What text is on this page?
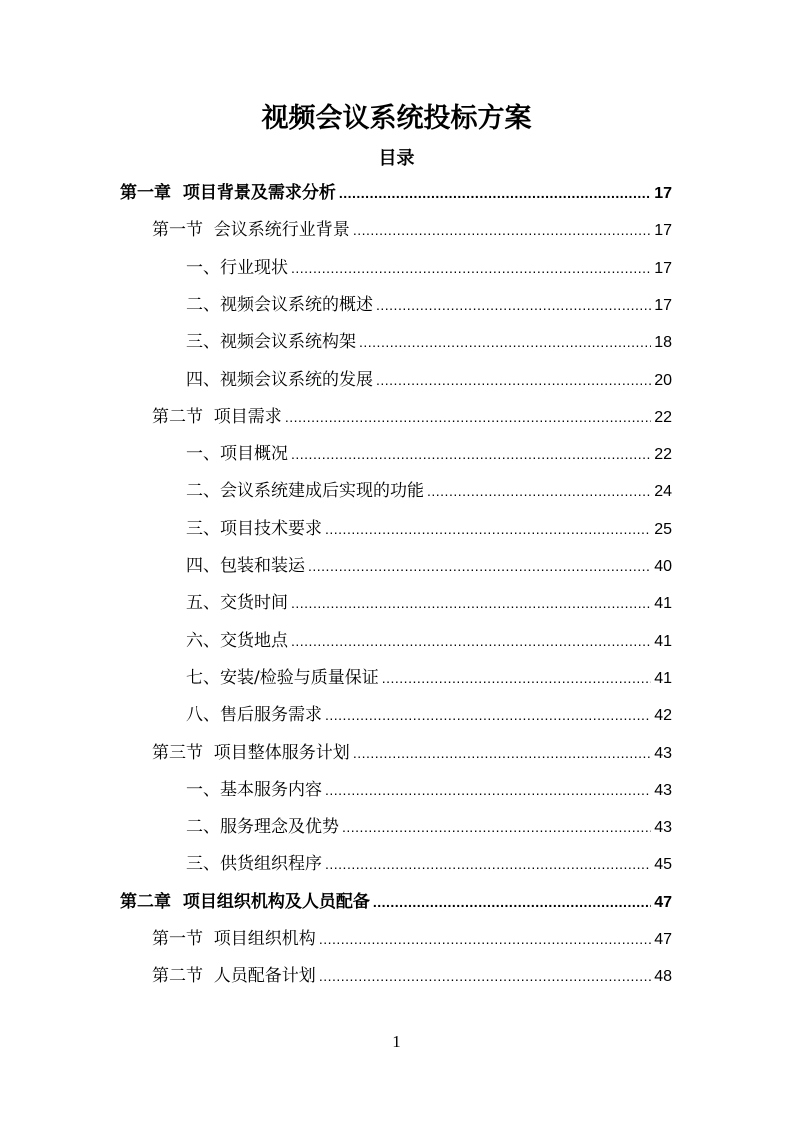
视频会议系统投标方案
目录
第一章  项目背景及需求分析 .....	17
第一节  会议系统行业背景 .....	17
一、行业现状 .....	17
二、视频会议系统的概述 .....	17
三、视频会议系统构架 .....	18
四、视频会议系统的发展 .....	20
第二节  项目需求 .....	22
一、项目概况 .....	22
二、会议系统建成后实现的功能 .....	24
三、项目技术要求 .....	25
四、包装和装运 .....	40
五、交货时间 .....	41
六、交货地点 .....	41
七、安装/检验与质量保证 .....	41
八、售后服务需求 .....	42
第三节  项目整体服务计划 .....	43
一、基本服务内容 .....	43
二、服务理念及优势 .....	43
三、供货组织程序 .....	45
第二章  项目组织机构及人员配备 .....	47
第一节  项目组织机构 .....	47
第二节  人员配备计划 .....	48
1
